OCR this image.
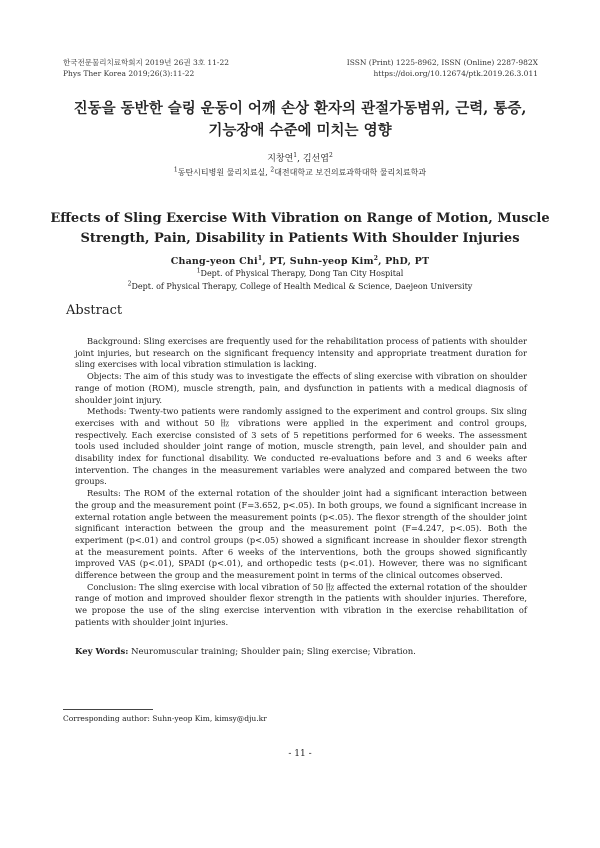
한국전문물리치료학회지 2019년 26권 3호 11-22
Phys Ther Korea 2019;26(3):11-22
ISSN (Print) 1225-8962, ISSN (Online) 2287-982X
https://doi.org/10.12674/ptk.2019.26.3.011
진동을 동반한 슬링 운동이 어깨 손상 환자의 관절가동범위, 근력, 통증,
기능장애 수준에 미치는 영향
지창연$^1$, 김선엽$^2$
$^1$동탄시티병원 물리치료실, $^2$대전대학교 보건의료과학대학 물리치료학과
Effects of Sling Exercise With Vibration on Range of Motion, Muscle
Strength, Pain, Disability in Patients With Shoulder Injuries
Chang-yeon Chi$^1$, PT, Suhn-yeop Kim$^2$, PhD, PT
$^1$Dept. of Physical Therapy, Dong Tan City Hospital
$^2$Dept. of Physical Therapy, College of Health Medical & Science, Daejeon University
Abstract

Background: Sling exercises are frequently used for the rehabilitation process of patients with shoulder joint injuries, but research on the significant frequency intensity and appropriate treatment duration for sling exercises with local vibration stimulation is lacking.

Objects: The aim of this study was to investigate the effects of sling exercise with vibration on shoulder range of motion (ROM), muscle strength, pain, and dysfunction in patients with a medical diagnosis of shoulder joint injury.

Methods: Twenty-two patients were randomly assigned to the experiment and control groups. Six sling exercises with and without 50 ㎐ vibrations were applied in the experiment and control groups, respectively. Each exercise consisted of 3 sets of 5 repetitions performed for 6 weeks. The assessment tools used included shoulder joint range of motion, muscle strength, pain level, and shoulder pain and disability index for functional disability. We conducted re-evaluations before and 3 and 6 weeks after intervention. The changes in the measurement variables were analyzed and compared between the two groups.

Results: The ROM of the external rotation of the shoulder joint had a significant interaction between the group and the measurement point (F=3.652, p<.05). In both groups, we found a significant increase in external rotation angle between the measurement points (p<.05). The flexor strength of the shoulder joint significant interaction between the group and the measurement point (F=4.247, p<.05). Both the experiment (p<.01) and control groups (p<.05) showed a significant increase in shoulder flexor strength at the measurement points. After 6 weeks of the interventions, both the groups showed significantly improved VAS (p<.01), SPADI (p<.01), and orthopedic tests (p<.01). However, there was no significant difference between the group and the measurement point in terms of the clinical outcomes observed.

Conclusion: The sling exercise with local vibration of 50 ㎐ affected the external rotation of the shoulder range of motion and improved shoulder flexor strength in the patients with shoulder injuries. Therefore, we propose the use of the sling exercise intervention with vibration in the exercise rehabilitation of patients with shoulder joint injuries.

Key Words: Neuromuscular training; Shoulder pain; Sling exercise; Vibration.
Corresponding author: Suhn-yeop Kim, kimsy@dju.kr
- 11 -
